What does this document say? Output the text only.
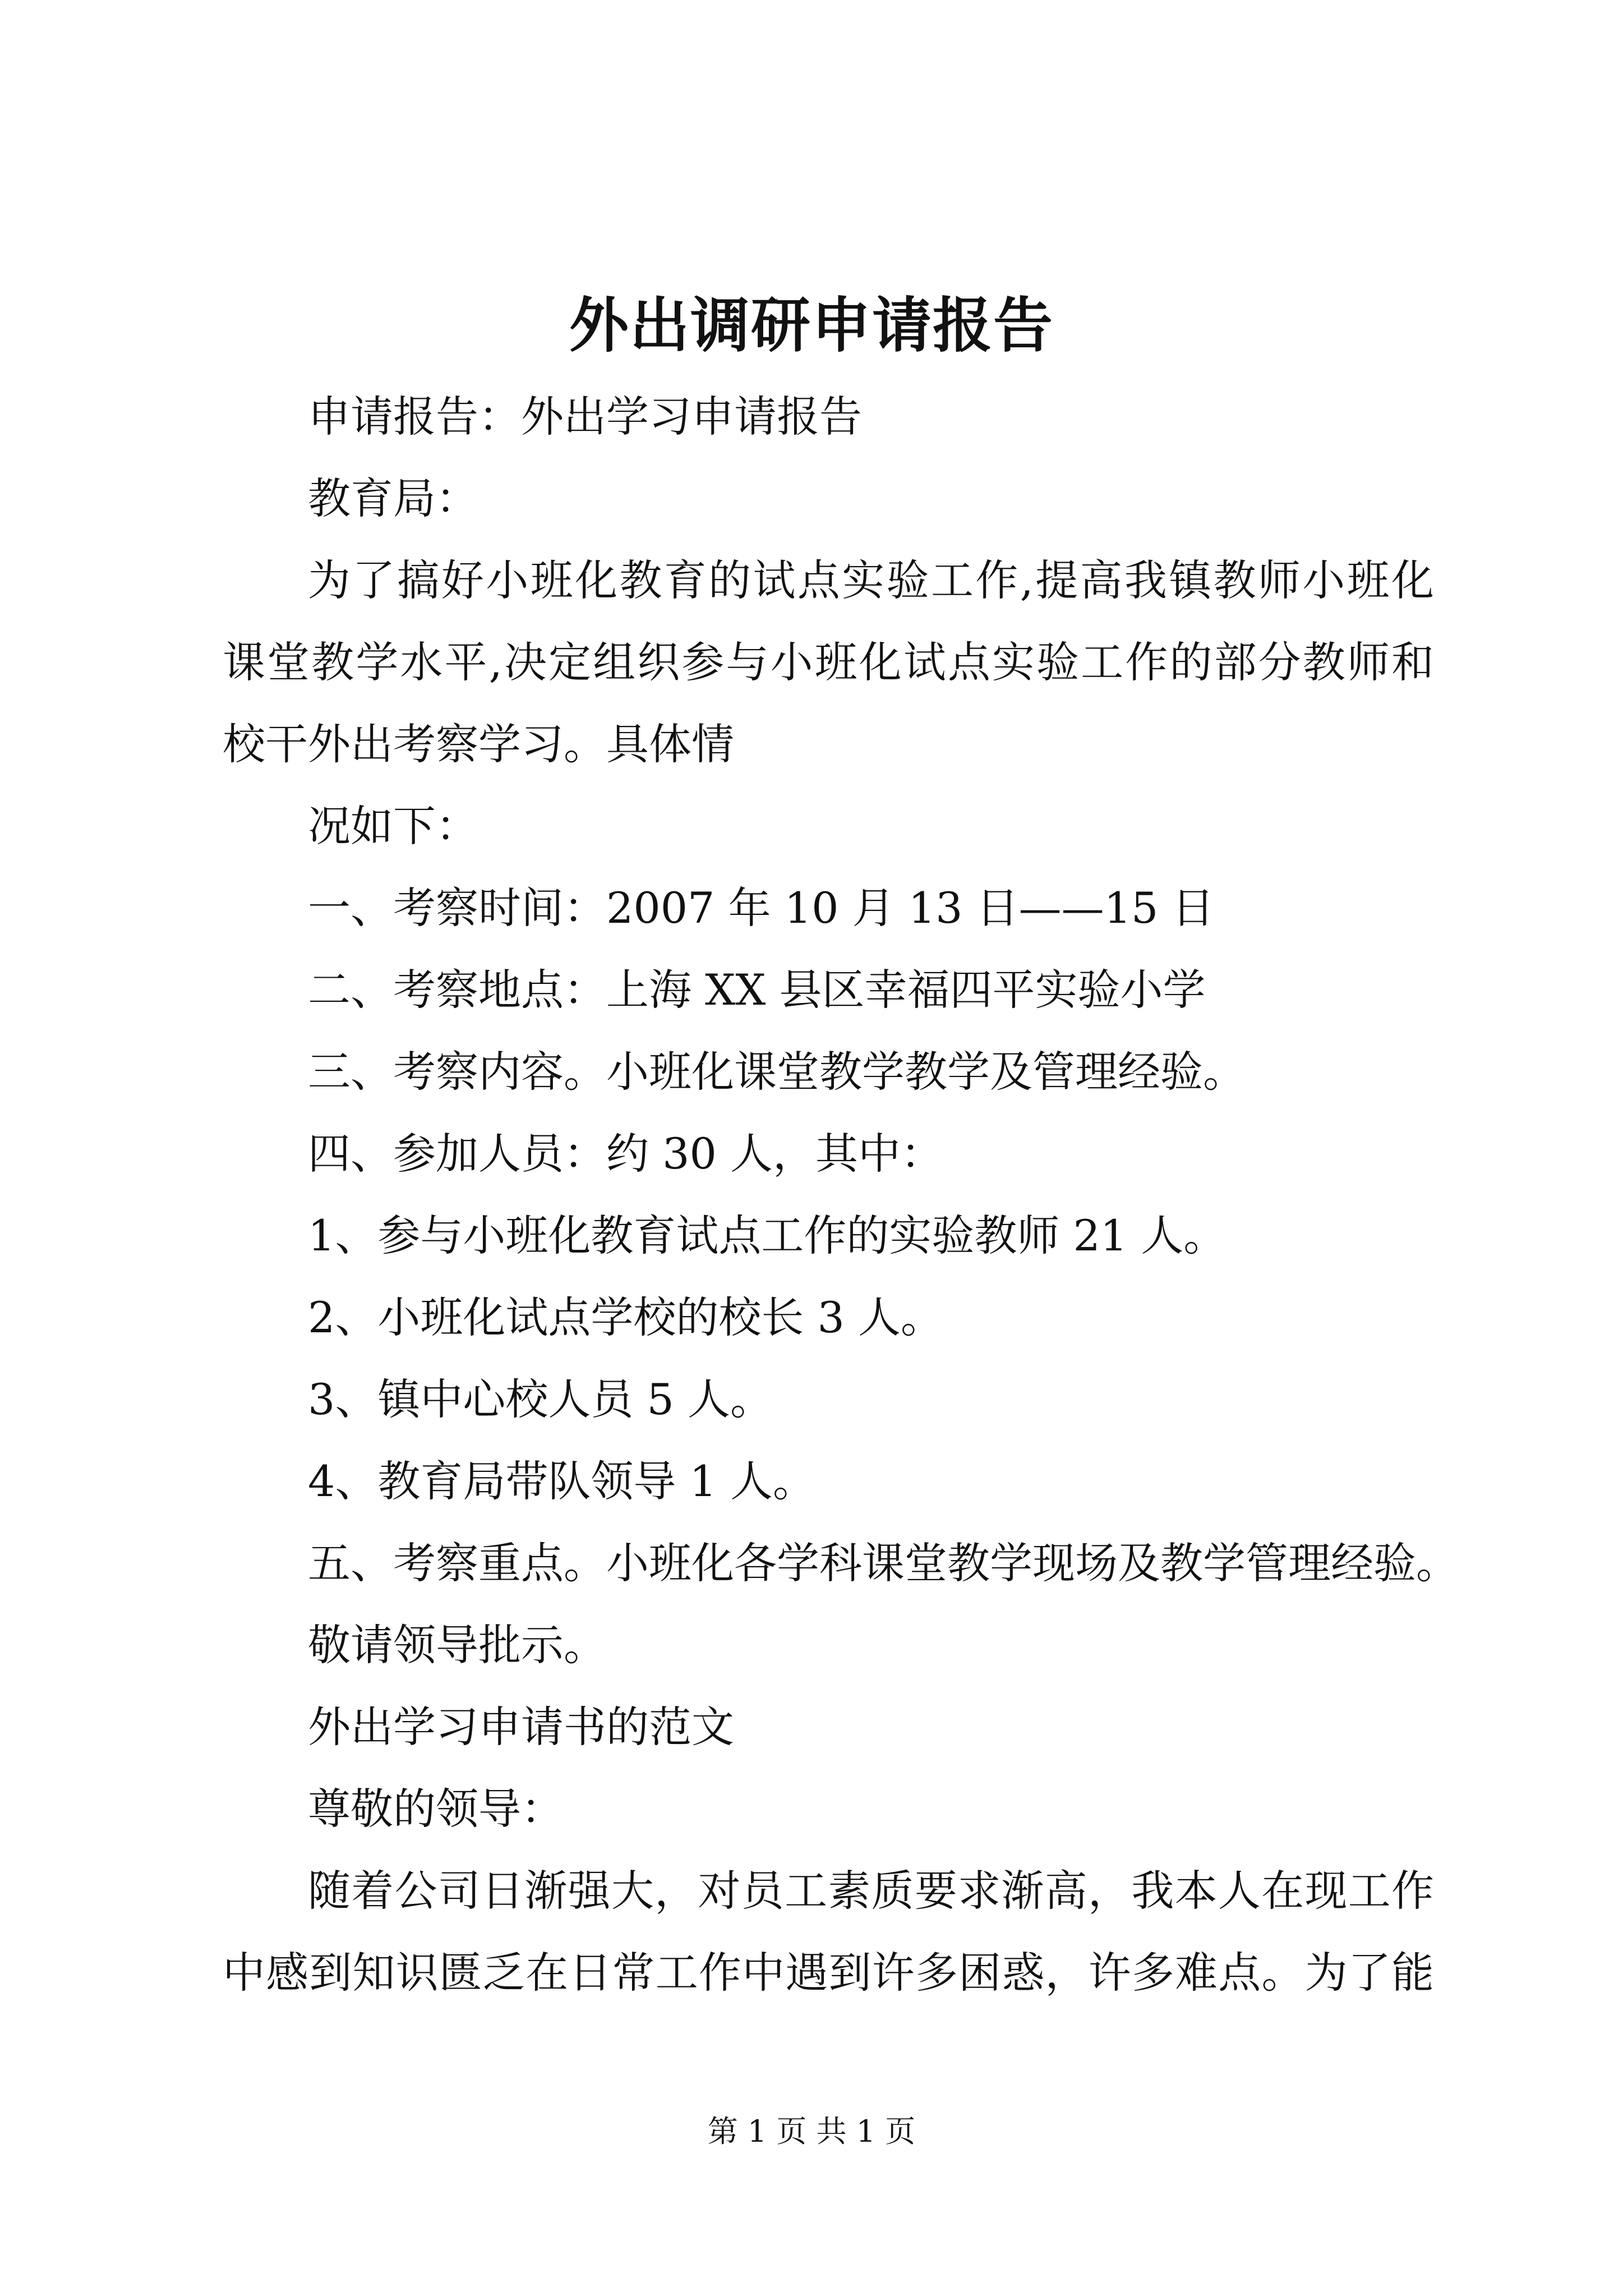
外出调研申请报告

申请报告：外出学习申请报告

教育局：

为了搞好小班化教育的试点实验工作,提高我镇教师小班化

课堂教学水平,决定组织参与小班化试点实验工作的部分教师和

校干外出考察学习。具体情

况如下：

一、考察时间：2007 年 10 月 13 日——15 日

二、考察地点：上海 XX 县区幸福四平实验小学

三、考察内容。小班化课堂教学教学及管理经验。

四、参加人员：约 30 人，其中：

1、参与小班化教育试点工作的实验教师 21 人。

2、小班化试点学校的校长 3 人。

3、镇中心校人员 5 人。

4、教育局带队领导 1 人。

五、考察重点。小班化各学科课堂教学现场及教学管理经验。

敬请领导批示。

外出学习申请书的范文

尊敬的领导：

随着公司日渐强大，对员工素质要求渐高，我本人在现工作

中感到知识匮乏在日常工作中遇到许多困惑，许多难点。为了能

第 1 页 共 1 页
